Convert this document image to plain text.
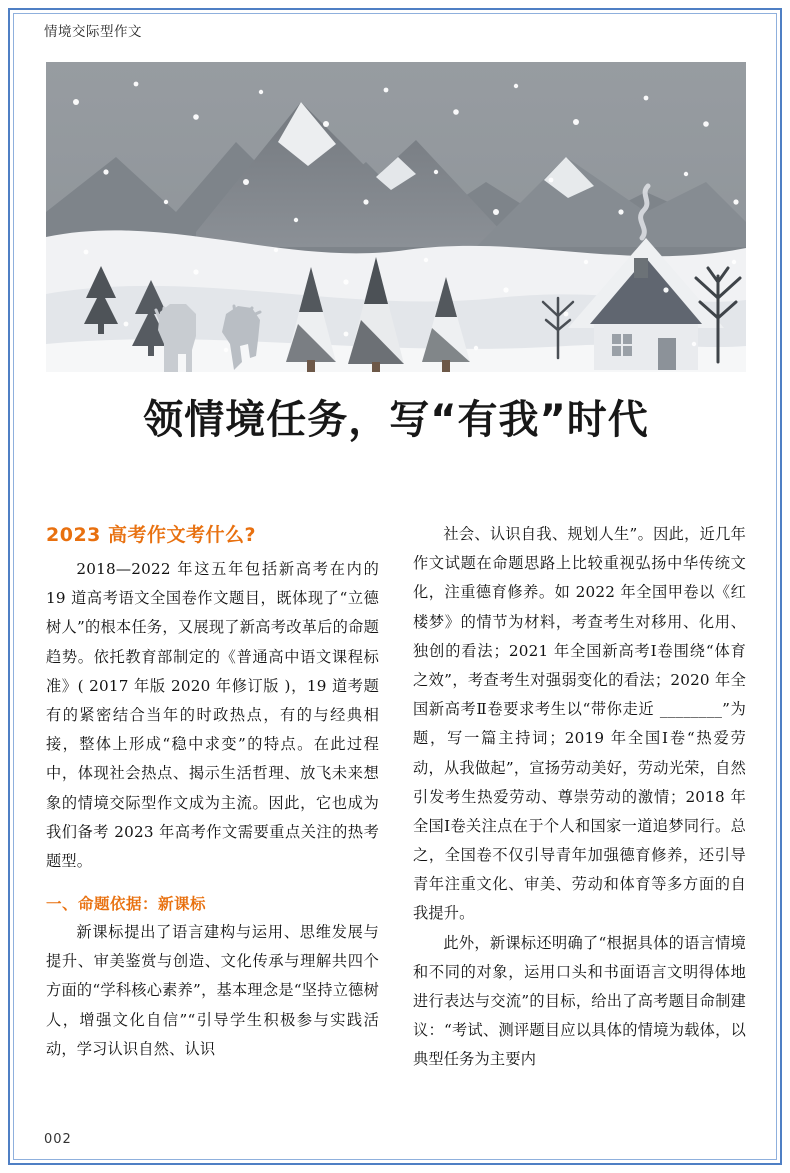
情境交际型作文
领情境任务，写“有我”时代
2023 高考作文考什么?

2018—2022 年这五年包括新高考在内的 19 道高考语文全国卷作文题目，既体现了“立德树人”的根本任务，又展现了新高考改革后的命题趋势。依托教育部制定的《普通高中语文课程标准》( 2017 年版 2020 年修订版 )，19 道考题有的紧密结合当年的时政热点，有的与经典相接，整体上形成“稳中求变”的特点。在此过程中，体现社会热点、揭示生活哲理、放飞未来想象的情境交际型作文成为主流。因此，它也成为我们备考 2023 年高考作文需要重点关注的热考题型。

一、命题依据：新课标

新课标提出了语言建构与运用、思维发展与提升、审美鉴赏与创造、文化传承与理解共四个方面的“学科核心素养”，基本理念是“坚持立德树人，增强文化自信”“引导学生积极参与实践活动，学习认识自然、认识

社会、认识自我、规划人生”。因此，近几年作文试题在命题思路上比较重视弘扬中华传统文化，注重德育修养。如 2022 年全国甲卷以《红楼梦》的情节为材料，考查考生对移用、化用、独创的看法；2021 年全国新高考Ⅰ卷围绕“体育之效”，考查考生对强弱变化的看法；2020 年全国新高考Ⅱ卷要求考生以“带你走近 ________”为题，写一篇主持词；2019 年全国Ⅰ卷“热爱劳动，从我做起”，宣扬劳动美好，劳动光荣，自然引发考生热爱劳动、尊崇劳动的激情；2018 年全国Ⅰ卷关注点在于个人和国家一道追梦同行。总之，全国卷不仅引导青年加强德育修养，还引导青年注重文化、审美、劳动和体育等多方面的自我提升。

此外，新课标还明确了“根据具体的语言情境和不同的对象，运用口头和书面语言文明得体地进行表达与交流”的目标，给出了高考题目命制建议：“考试、测评题目应以具体的情境为载体，以典型任务为主要内

002
